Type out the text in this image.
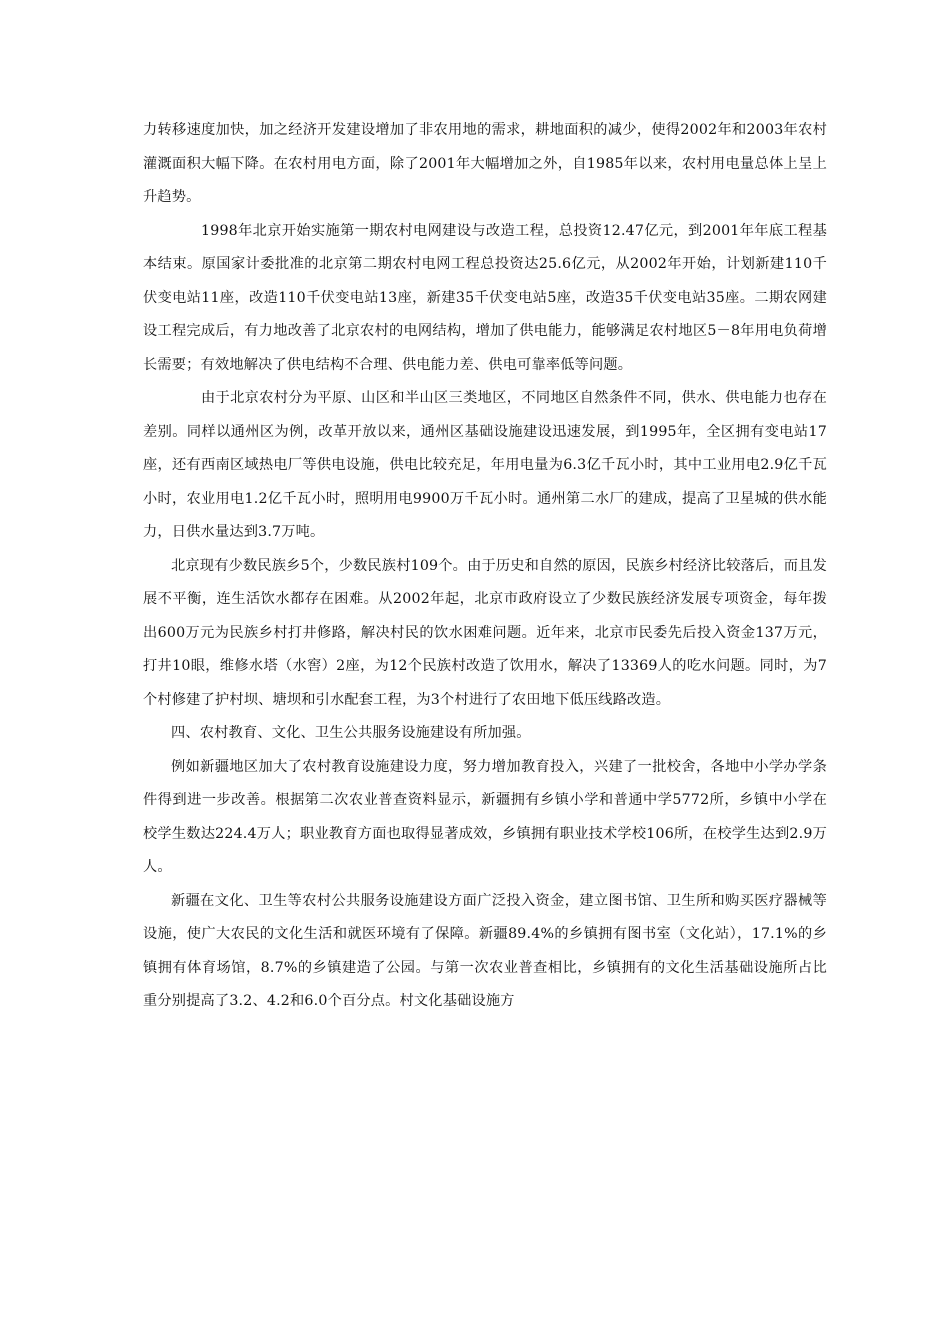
力转移速度加快，加之经济开发建设增加了非农用地的需求，耕地面积的减少，使得2002年和2003年农村灌溉面积大幅下降。在农村用电方面，除了2001年大幅增加之外，自1985年以来，农村用电量总体上呈上升趋势。

1998年北京开始实施第一期农村电网建设与改造工程，总投资12.47亿元，到2001年年底工程基本结束。原国家计委批准的北京第二期农村电网工程总投资达25.6亿元，从2002年开始，计划新建110千伏变电站11座，改造110千伏变电站13座，新建35千伏变电站5座，改造35千伏变电站35座。二期农网建设工程完成后，有力地改善了北京农村的电网结构，增加了供电能力，能够满足农村地区5－8年用电负荷增长需要；有效地解决了供电结构不合理、供电能力差、供电可靠率低等问题。

由于北京农村分为平原、山区和半山区三类地区，不同地区自然条件不同，供水、供电能力也存在差别。同样以通州区为例，改革开放以来，通州区基础设施建设迅速发展，到1995年，全区拥有变电站17座，还有西南区域热电厂等供电设施，供电比较充足，年用电量为6.3亿千瓦小时，其中工业用电2.9亿千瓦小时，农业用电1.2亿千瓦小时，照明用电9900万千瓦小时。通州第二水厂的建成，提高了卫星城的供水能力，日供水量达到3.7万吨。

北京现有少数民族乡5个，少数民族村109个。由于历史和自然的原因，民族乡村经济比较落后，而且发展不平衡，连生活饮水都存在困难。从2002年起，北京市政府设立了少数民族经济发展专项资金，每年拨出600万元为民族乡村打井修路，解决村民的饮水困难问题。近年来，北京市民委先后投入资金137万元，打井10眼，维修水塔（水窖）2座，为12个民族村改造了饮用水，解决了13369人的吃水问题。同时，为7个村修建了护村坝、塘坝和引水配套工程，为3个村进行了农田地下低压线路改造。

四、农村教育、文化、卫生公共服务设施建设有所加强。

例如新疆地区加大了农村教育设施建设力度，努力增加教育投入，兴建了一批校舍，各地中小学办学条件得到进一步改善。根据第二次农业普查资料显示，新疆拥有乡镇小学和普通中学5772所，乡镇中小学在校学生数达224.4万人；职业教育方面也取得显著成效，乡镇拥有职业技术学校106所，在校学生达到2.9万人。

新疆在文化、卫生等农村公共服务设施建设方面广泛投入资金，建立图书馆、卫生所和购买医疗器械等设施，使广大农民的文化生活和就医环境有了保障。新疆89.4%的乡镇拥有图书室（文化站），17.1%的乡镇拥有体育场馆，8.7%的乡镇建造了公园。与第一次农业普查相比，乡镇拥有的文化生活基础设施所占比重分别提高了3.2、4.2和6.0个百分点。村文化基础设施方
